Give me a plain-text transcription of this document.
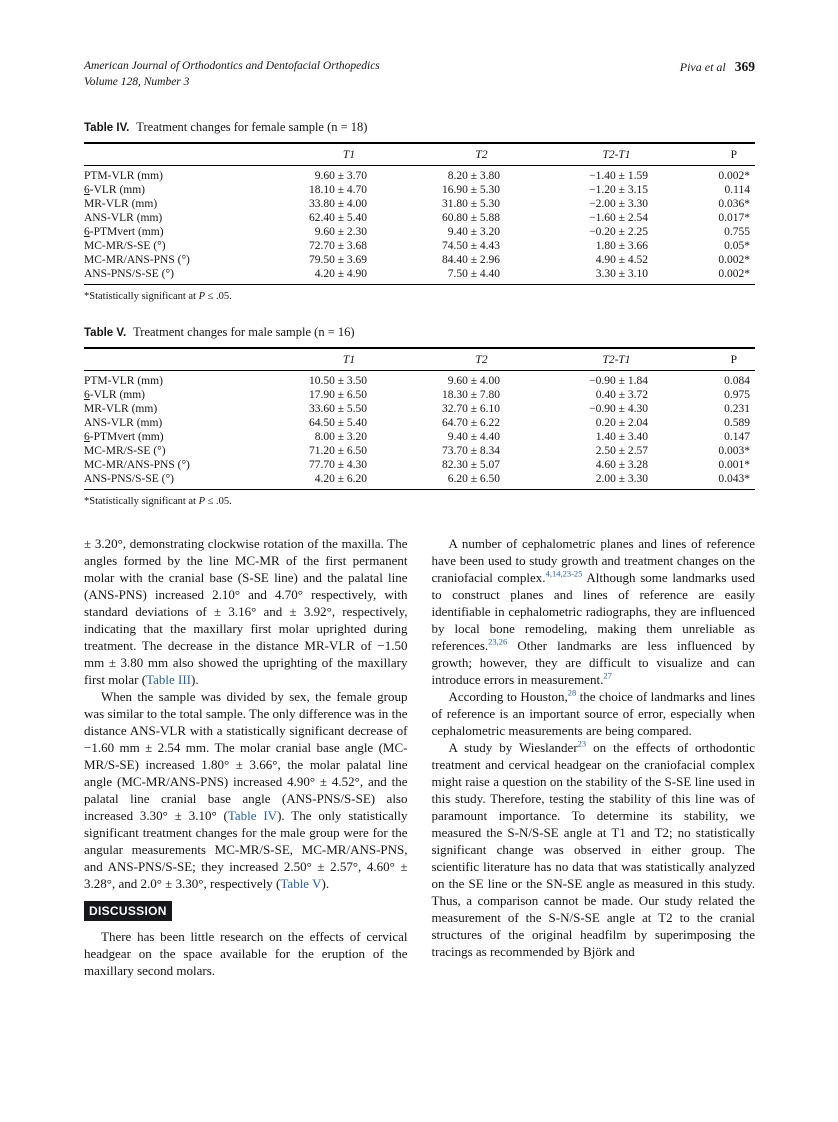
American Journal of Orthodontics and Dentofacial Orthopedics
Volume 128, Number 3
Piva et al 369
Table IV. Treatment changes for female sample (n = 18)
	T1	T2	T2-T1	P
PTM-VLR (mm)	9.60 ± 3.70	8.20 ± 3.80	−1.40 ± 1.59	0.002*
6-VLR (mm)	18.10 ± 4.70	16.90 ± 5.30	−1.20 ± 3.15	0.114
MR-VLR (mm)	33.80 ± 4.00	31.80 ± 5.30	−2.00 ± 3.30	0.036*
ANS-VLR (mm)	62.40 ± 5.40	60.80 ± 5.88	−1.60 ± 2.54	0.017*
6-PTMvert (mm)	9.60 ± 2.30	9.40 ± 3.20	−0.20 ± 2.25	0.755
MC-MR/S-SE (°)	72.70 ± 3.68	74.50 ± 4.43	1.80 ± 3.66	0.05*
MC-MR/ANS-PNS (°)	79.50 ± 3.69	84.40 ± 2.96	4.90 ± 4.52	0.002*
ANS-PNS/S-SE (°)	4.20 ± 4.90	7.50 ± 4.40	3.30 ± 3.10	0.002*
*Statistically significant at P ≤ .05.
Table V. Treatment changes for male sample (n = 16)
	T1	T2	T2-T1	P
PTM-VLR (mm)	10.50 ± 3.50	9.60 ± 4.00	−0.90 ± 1.84	0.084
6-VLR (mm)	17.90 ± 6.50	18.30 ± 7.80	0.40 ± 3.72	0.975
MR-VLR (mm)	33.60 ± 5.50	32.70 ± 6.10	−0.90 ± 4.30	0.231
ANS-VLR (mm)	64.50 ± 5.40	64.70 ± 6.22	0.20 ± 2.04	0.589
6-PTMvert (mm)	8.00 ± 3.20	9.40 ± 4.40	1.40 ± 3.40	0.147
MC-MR/S-SE (°)	71.20 ± 6.50	73.70 ± 8.34	2.50 ± 2.57	0.003*
MC-MR/ANS-PNS (°)	77.70 ± 4.30	82.30 ± 5.07	4.60 ± 3.28	0.001*
ANS-PNS/S-SE (°)	4.20 ± 6.20	6.20 ± 6.50	2.00 ± 3.30	0.043*
*Statistically significant at P ≤ .05.

± 3.20°, demonstrating clockwise rotation of the maxilla. The angles formed by the line MC-MR of the first permanent molar with the cranial base (S-SE line) and the palatal line (ANS-PNS) increased 2.10° and 4.70° respectively, with standard deviations of ± 3.16° and ± 3.92°, respectively, indicating that the maxillary first molar uprighted during treatment. The decrease in the distance MR-VLR of −1.50 mm ± 3.80 mm also showed the uprighting of the maxillary first molar (Table III).

When the sample was divided by sex, the female group was similar to the total sample. The only difference was in the distance ANS-VLR with a statistically significant decrease of −1.60 mm ± 2.54 mm. The molar cranial base angle (MC-MR/S-SE) increased 1.80° ± 3.66°, the molar palatal line angle (MC-MR/ANS-PNS) increased 4.90° ± 4.52°, and the palatal line cranial base angle (ANS-PNS/S-SE) also increased 3.30° ± 3.10° (Table IV). The only statistically significant treatment changes for the male group were for the angular measurements MC-MR/S-SE, MC-MR/ANS-PNS, and ANS-PNS/S-SE; they increased 2.50° ± 2.57°, 4.60° ± 3.28°, and 2.0° ± 3.30°, respectively (Table V).

DISCUSSION

There has been little research on the effects of cervical headgear on the space available for the eruption of the maxillary second molars.

A number of cephalometric planes and lines of reference have been used to study growth and treatment changes on the craniofacial complex.$^{4,14,23-25}$ Although some landmarks used to construct planes and lines of reference are easily identifiable in cephalometric radiographs, they are influenced by local bone remodeling, making them unreliable as references.$^{23,26}$ Other landmarks are less influenced by growth; however, they are difficult to visualize and can introduce errors in measurement.$^{27}$

According to Houston,$^{28}$ the choice of landmarks and lines of reference is an important source of error, especially when cephalometric measurements are being compared.

A study by Wieslander$^{23}$ on the effects of orthodontic treatment and cervical headgear on the craniofacial complex might raise a question on the stability of the S-SE line used in this study. Therefore, testing the stability of this line was of paramount importance. To determine its stability, we measured the S-N/S-SE angle at T1 and T2; no statistically significant change was observed in either group. The scientific literature has no data that was statistically analyzed on the SE line or the SN-SE angle as measured in this study. Thus, a comparison cannot be made. Our study related the measurement of the S-N/S-SE angle at T2 to the cranial structures of the original headfilm by superimposing the tracings as recommended by Björk and
